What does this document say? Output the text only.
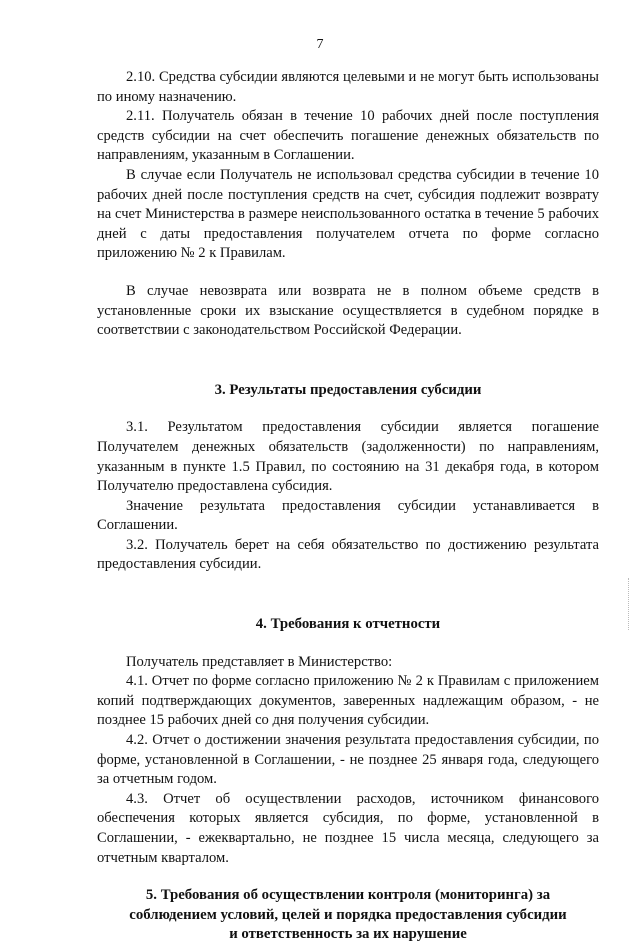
7

2.10. Средства субсидии являются целевыми и не могут быть использованы по иному назначению.

2.11. Получатель обязан в течение 10 рабочих дней после поступления средств субсидии на счет обеспечить погашение денежных обязательств по направлениям, указанным в Соглашении.

В случае если Получатель не использовал средства субсидии в течение 10 рабочих дней после поступления средств на счет, субсидия подлежит возврату на счет Министерства в размере неиспользованного остатка в течение 5 рабочих дней с даты предоставления получателем отчета по форме согласно приложению № 2 к Правилам.

В случае невозврата или возврата не в полном объеме средств в установленные сроки их взыскание осуществляется в судебном порядке в соответствии с законодательством Российской Федерации.

3. Результаты предоставления субсидии

3.1. Результатом предоставления субсидии является погашение Получателем денежных обязательств (задолженности) по направлениям, указанным в пункте 1.5 Правил, по состоянию на 31 декабря года, в котором Получателю предоставлена субсидия.

Значение результата предоставления субсидии устанавливается в Соглашении.

3.2. Получатель берет на себя обязательство по достижению результата предоставления субсидии.

4. Требования к отчетности

Получатель представляет в Министерство:

4.1. Отчет по форме согласно приложению № 2 к Правилам с приложением копий подтверждающих документов, заверенных надлежащим образом, - не позднее 15 рабочих дней со дня получения субсидии.

4.2. Отчет о достижении значения результата предоставления субсидии, по форме, установленной в Соглашении, - не позднее 25 января года, следующего за отчетным годом.

4.3. Отчет об осуществлении расходов, источником финансового обеспечения которых является субсидия, по форме, установленной в Соглашении, - ежеквартально, не позднее 15 числа месяца, следующего за отчетным кварталом.

5. Требования об осуществлении контроля (мониторинга) за
соблюдением условий, целей и порядка предоставления субсидии
и ответственность за их нарушение
